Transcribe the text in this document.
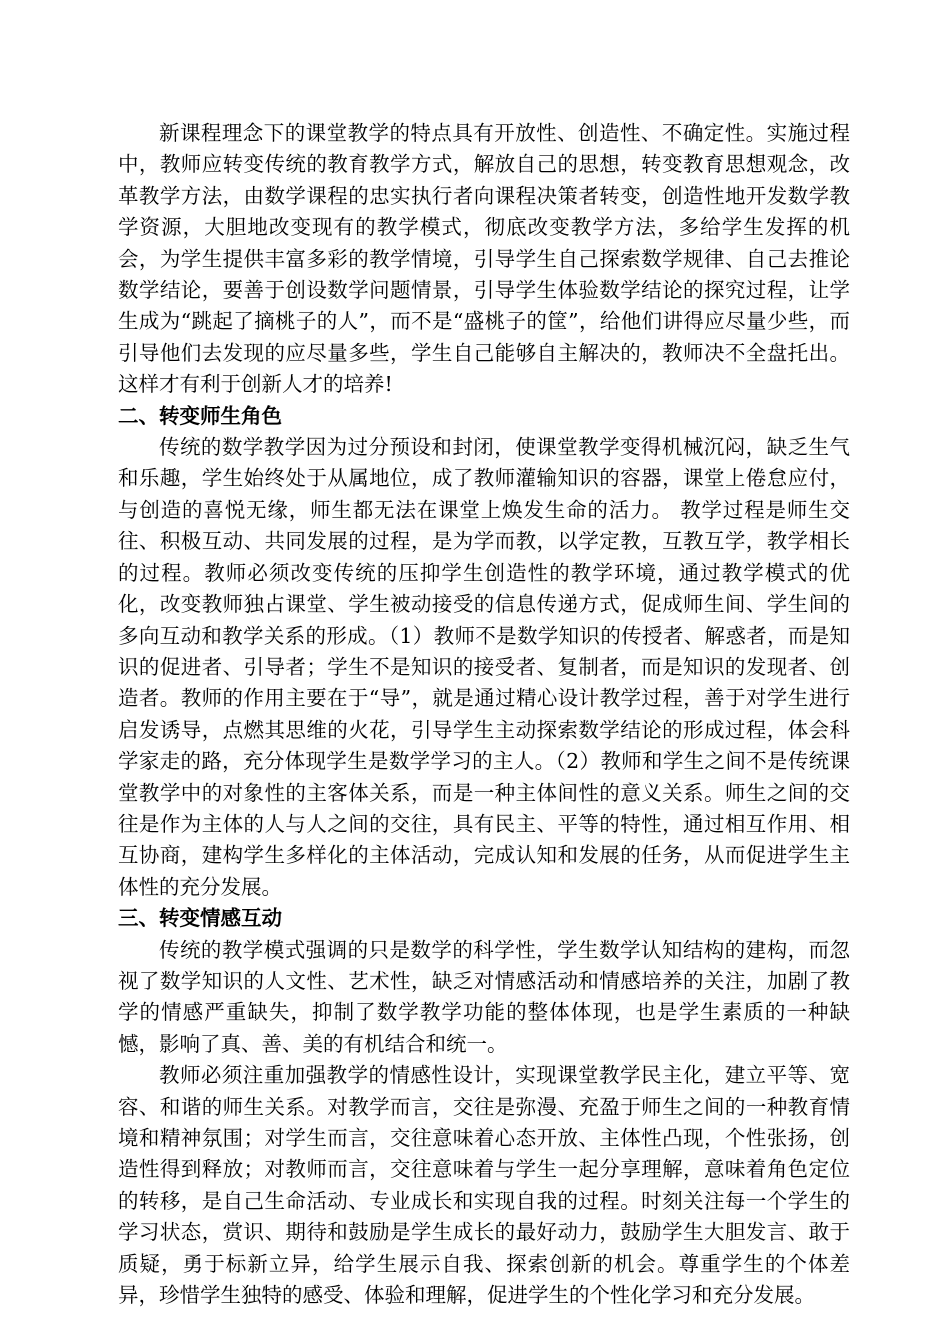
新课程理念下的课堂教学的特点具有开放性、创造性、不确定性。实施过程中，教师应转变传统的教育教学方式，解放自己的思想，转变教育思想观念，改革教学方法，由数学课程的忠实执行者向课程决策者转变，创造性地开发数学教学资源，大胆地改变现有的教学模式，彻底改变教学方法，多给学生发挥的机会，为学生提供丰富多彩的教学情境，引导学生自己探索数学规律、自己去推论数学结论，要善于创设数学问题情景，引导学生体验数学结论的探究过程，让学生成为“跳起了摘桃子的人”，而不是“盛桃子的筐”，给他们讲得应尽量少些，而引导他们去发现的应尽量多些，学生自己能够自主解决的，教师决不全盘托出。这样才有利于创新人才的培养!

二、转变师生角色

传统的数学教学因为过分预设和封闭，使课堂教学变得机械沉闷，缺乏生气和乐趣，学生始终处于从属地位，成了教师灌输知识的容器，课堂上倦怠应付，与创造的喜悦无缘，师生都无法在课堂上焕发生命的活力。 教学过程是师生交往、积极互动、共同发展的过程，是为学而教，以学定教，互教互学，教学相长的过程。教师必须改变传统的压抑学生创造性的教学环境，通过教学模式的优化，改变教师独占课堂、学生被动接受的信息传递方式，促成师生间、学生间的多向互动和教学关系的形成。（1）教师不是数学知识的传授者、解惑者，而是知识的促进者、引导者；学生不是知识的接受者、复制者，而是知识的发现者、创造者。教师的作用主要在于“导”，就是通过精心设计教学过程，善于对学生进行启发诱导，点燃其思维的火花，引导学生主动探索数学结论的形成过程，体会科学家走的路，充分体现学生是数学学习的主人。（2）教师和学生之间不是传统课堂教学中的对象性的主客体关系，而是一种主体间性的意义关系。师生之间的交往是作为主体的人与人之间的交往，具有民主、平等的特性，通过相互作用、相互协商，建构学生多样化的主体活动，完成认知和发展的任务，从而促进学生主体性的充分发展。

三、转变情感互动

传统的教学模式强调的只是数学的科学性，学生数学认知结构的建构，而忽视了数学知识的人文性、艺术性，缺乏对情感活动和情感培养的关注，加剧了教学的情感严重缺失，抑制了数学教学功能的整体体现，也是学生素质的一种缺憾，影响了真、善、美的有机结合和统一。

教师必须注重加强教学的情感性设计，实现课堂教学民主化，建立平等、宽容、和谐的师生关系。对教学而言，交往是弥漫、充盈于师生之间的一种教育情境和精神氛围；对学生而言，交往意味着心态开放、主体性凸现，个性张扬，创造性得到释放；对教师而言，交往意味着与学生一起分享理解，意味着角色定位的转移，是自己生命活动、专业成长和实现自我的过程。时刻关注每一个学生的学习状态，赏识、期待和鼓励是学生成长的最好动力，鼓励学生大胆发言、敢于质疑，勇于标新立异，给学生展示自我、探索创新的机会。尊重学生的个体差异，珍惜学生独特的感受、体验和理解，促进学生的个性化学习和充分发展。
